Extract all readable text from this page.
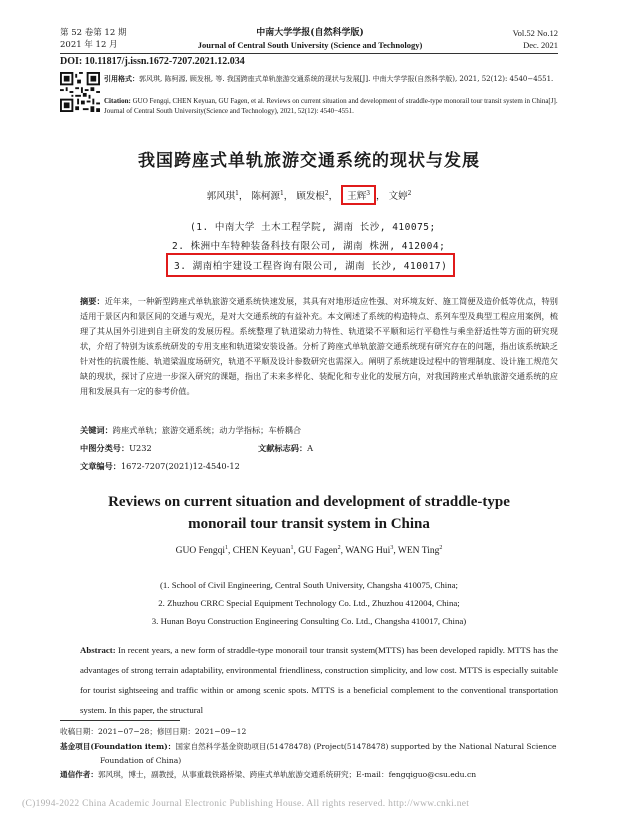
第 52 卷第 12 期
2021 年 12 月
中南大学学报(自然科学版)
Journal of Central South University (Science and Technology)
Vol.52 No.12
Dec. 2021
DOI: 10.11817/j.issn.1672-7207.2021.12.034
引用格式：郭风琪, 陈柯源, 顾发根, 等. 我国跨座式单轨旅游交通系统的现状与发展[J]. 中南大学学报(自然科学版), 2021, 52(12): 4540−4551.
Citation: GUO Fengqi, CHEN Keyuan, GU Fagen, et al. Reviews on current situation and development of straddle-type monorail tour transit system in China[J]. Journal of Central South University(Science and Technology), 2021, 52(12): 4540−4551.
我国跨座式单轨旅游交通系统的现状与发展
郭风琪$^1$， 陈柯源$^1$， 顾发根$^2$， 王辉$^3$ ， 文婷$^2$
(1. 中南大学 土木工程学院, 湖南 长沙, 410075;
2. 株洲中车特种装备科技有限公司, 湖南 株洲, 412004;
3. 湖南柏宇建设工程咨询有限公司, 湖南 长沙, 410017)
摘要：近年来，一种新型跨座式单轨旅游交通系统快速发展，其具有对地形适应性强、对环境友好、施工简便及造价低等优点，特别适用于景区内和景区间的交通与观光，是对大交通系统的有益补充。本文阐述了系统的构造特点、系列车型及典型工程应用案例，梳理了其从国外引进到自主研发的发展历程。系统整理了轨道梁动力特性、轨道梁不平顺和运行平稳性与乘坐舒适性等方面的研究现状，介绍了特别为该系统研发的专用支座和轨道梁安装设备。分析了跨座式单轨旅游交通系统现有研究存在的问题，指出该系统缺乏针对性的抗震性能、轨道梁温度场研究，轨道不平顺及设计参数研究也需深入。阐明了系统建设过程中的管理制度、设计施工规范欠缺的现状，探讨了应进一步深入研究的课题，指出了未来多样化、装配化和专业化的发展方向，对我国跨座式单轨旅游交通系统的应用和发展具有一定的参考价值。
关键词：跨座式单轨；旅游交通系统；动力学指标；车桥耦合
中图分类号：U232	文献标志码：A
文章编号：1672-7207(2021)12-4540-12
Reviews on current situation and development of straddle-type
monorail tour transit system in China
GUO Fengqi$^1$, CHEN Keyuan$^1$, GU Fagen$^2$, WANG Hui$^3$, WEN Ting$^2$
(1. School of Civil Engineering, Central South University, Changsha 410075, China;
2. Zhuzhou CRRC Special Equipment Technology Co. Ltd., Zhuzhou 412004, China;
3. Hunan Boyu Construction Engineering Consulting Co. Ltd., Changsha 410017, China)
Abstract: In recent years, a new form of straddle-type monorail tour transit system(MTTS) has been developed rapidly. MTTS has the advantages of strong terrain adaptability, environmental friendliness, construction simplicity, and low cost. MTTS is especially suitable for tourist sightseeing and traffic within or among scenic spots. MTTS is a beneficial complement to the conventional transportation system. In this paper, the structural
收稿日期：2021−07−28；修回日期：2021−09−12
基金项目(Foundation item)：国家自然科学基金资助项目(51478478) (Project(51478478) supported by the National Natural Science
Foundation of China)
通信作者：郭风琪，博士，副教授，从事重载铁路桥梁、跨座式单轨旅游交通系统研究；E-mail：fengqiguo@csu.edu.cn
(C)1994-2022 China Academic Journal Electronic Publishing House. All rights reserved. http://www.cnki.net
